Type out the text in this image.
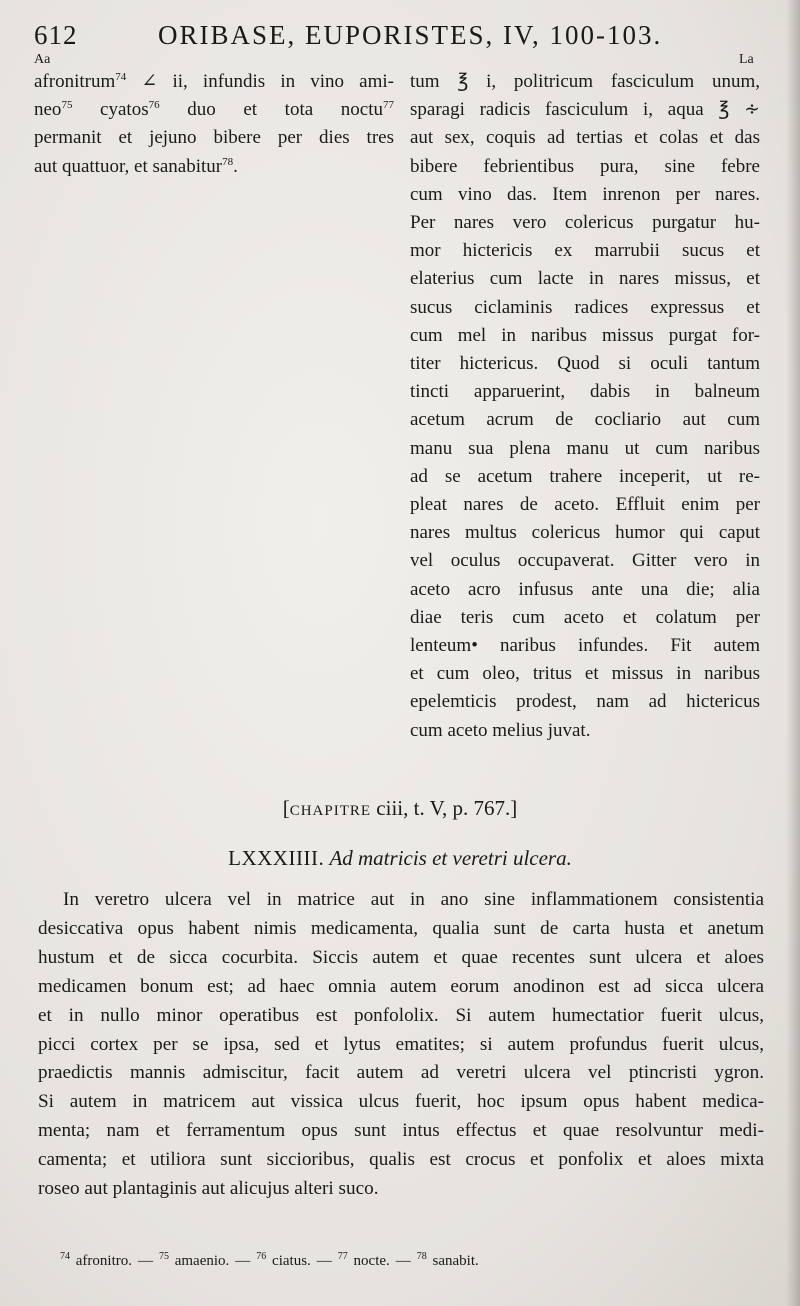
612	ORIBASE, EUPORISTES, IV, 100-103.
Aa	La
afronitrum$^{74}$ ∠ ii, infundis in vino ami-
neo$^{75}$ cyatos$^{76}$ duo et tota noctu$^{77}$
permanit et jejuno bibere per dies tres
aut quattuor, et sanabitur$^{78}$.
tum ℥ i, politricum fasciculum unum,
sparagi radicis fasciculum i, aqua ℥ ∻
aut sex, coquis ad tertias et colas et das
bibere febrientibus pura, sine febre
cum vino das. Item inrenon per nares.
Per nares vero colericus purgatur hu-
mor hictericis ex marrubii sucus et
elaterius cum lacte in nares missus, et
sucus ciclaminis radices expressus et
cum mel in naribus missus purgat for-
titer hictericus. Quod si oculi tantum
tincti apparuerint, dabis in balneum
acetum acrum de cocliario aut cum
manu sua plena manu ut cum naribus
ad se acetum trahere inceperit, ut re-
pleat nares de aceto. Effluit enim per
nares multus colericus humor qui caput
vel oculus occupaverat. Gitter vero in
aceto acro infusus ante una die; alia
diae teris cum aceto et colatum per
lenteum• naribus infundes. Fit autem
et cum oleo, tritus et missus in naribus
epelemticis prodest, nam ad hictericus
cum aceto melius juvat.
[CHAPITRE ciii, t. V, p. 767.]
LXXXIIII. Ad matricis et veretri ulcera.
In veretro ulcera vel in matrice aut in ano sine inflammationem consistentia
desiccativa opus habent nimis medicamenta, qualia sunt de carta husta et anetum
hustum et de sicca cocurbita. Siccis autem et quae recentes sunt ulcera et aloes
medicamen bonum est; ad haec omnia autem eorum anodinon est ad sicca ulcera
et in nullo minor operatibus est ponfololix. Si autem humectatior fuerit ulcus,
picci cortex per se ipsa, sed et lytus ematites; si autem profundus fuerit ulcus,
praedictis mannis admiscitur, facit autem ad veretri ulcera vel ptincristi ygron.
Si autem in matricem aut vissica ulcus fuerit, hoc ipsum opus habent medica-
menta; nam et ferramentum opus sunt intus effectus et quae resolvuntur medi-
camenta; et utiliora sunt siccioribus, qualis est crocus et ponfolix et aloes mixta
roseo aut plantaginis aut alicujus alteri suco.
$^{74}$ afronitro. — $^{75}$ amaenio. — $^{76}$ ciatus. — $^{77}$ nocte. — $^{78}$ sanabit.
